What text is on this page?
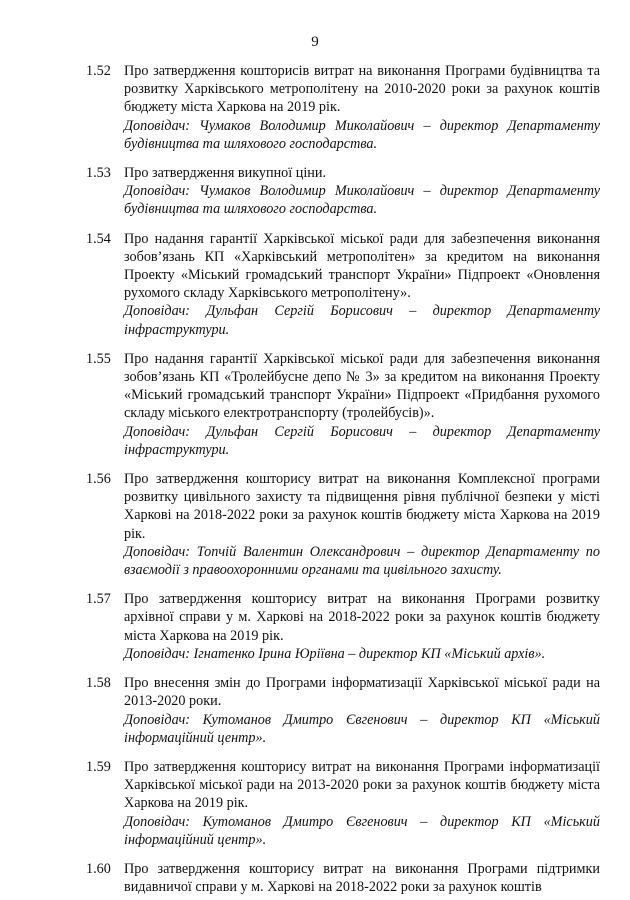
9
1.52 Про затвердження кошторисів витрат на виконання Програми будівництва та розвитку Харківського метрополітену на 2010-2020 роки за рахунок коштів бюджету міста Харкова на 2019 рік.

Доповідач: Чумаков Володимир Миколайович – директор Департаменту будівництва та шляхового господарства.

1.53 Про затвердження викупної ціни.

Доповідач: Чумаков Володимир Миколайович – директор Департаменту будівництва та шляхового господарства.

1.54 Про надання гарантії Харківської міської ради для забезпечення виконання зобов’язань КП «Харківський метрополітен» за кредитом на виконання Проекту «Міський громадський транспорт України» Підпроект «Оновлення рухомого складу Харківського метрополітену».

Доповідач: Дульфан Сергій Борисович – директор Департаменту інфраструктури.

1.55 Про надання гарантії Харківської міської ради для забезпечення виконання зобов’язань КП «Тролейбусне депо № 3» за кредитом на виконання Проекту «Міський громадський транспорт України» Підпроект «Придбання рухомого складу міського електротранспорту (тролейбусів)».

Доповідач: Дульфан Сергій Борисович – директор Департаменту інфраструктури.

1.56 Про затвердження кошторису витрат на виконання Комплексної програми розвитку цивільного захисту та підвищення рівня публічної безпеки у місті Харкові на 2018-2022 роки за рахунок коштів бюджету міста Харкова на 2019 рік.

Доповідач: Топчій Валентин Олександрович – директор Департаменту по взаємодії з правоохоронними органами та цивільного захисту.

1.57 Про затвердження кошторису витрат на виконання Програми розвитку архівної справи у м. Харкові на 2018-2022 роки за рахунок коштів бюджету міста Харкова на 2019 рік.

Доповідач: Ігнатенко Ірина Юріївна – директор КП «Міський архів».

1.58 Про внесення змін до Програми інформатизації Харківської міської ради на 2013-2020 роки.

Доповідач: Кутоманов Дмитро Євгенович – директор КП «Міський інформаційний центр».

1.59 Про затвердження кошторису витрат на виконання Програми інформатизації Харківської міської ради на 2013-2020 роки за рахунок коштів бюджету міста Харкова на 2019 рік.

Доповідач: Кутоманов Дмитро Євгенович – директор КП «Міський інформаційний центр».

1.60 Про затвердження кошторису витрат на виконання Програми підтримки видавничої справи у м. Харкові на 2018-2022 роки за рахунок коштів
